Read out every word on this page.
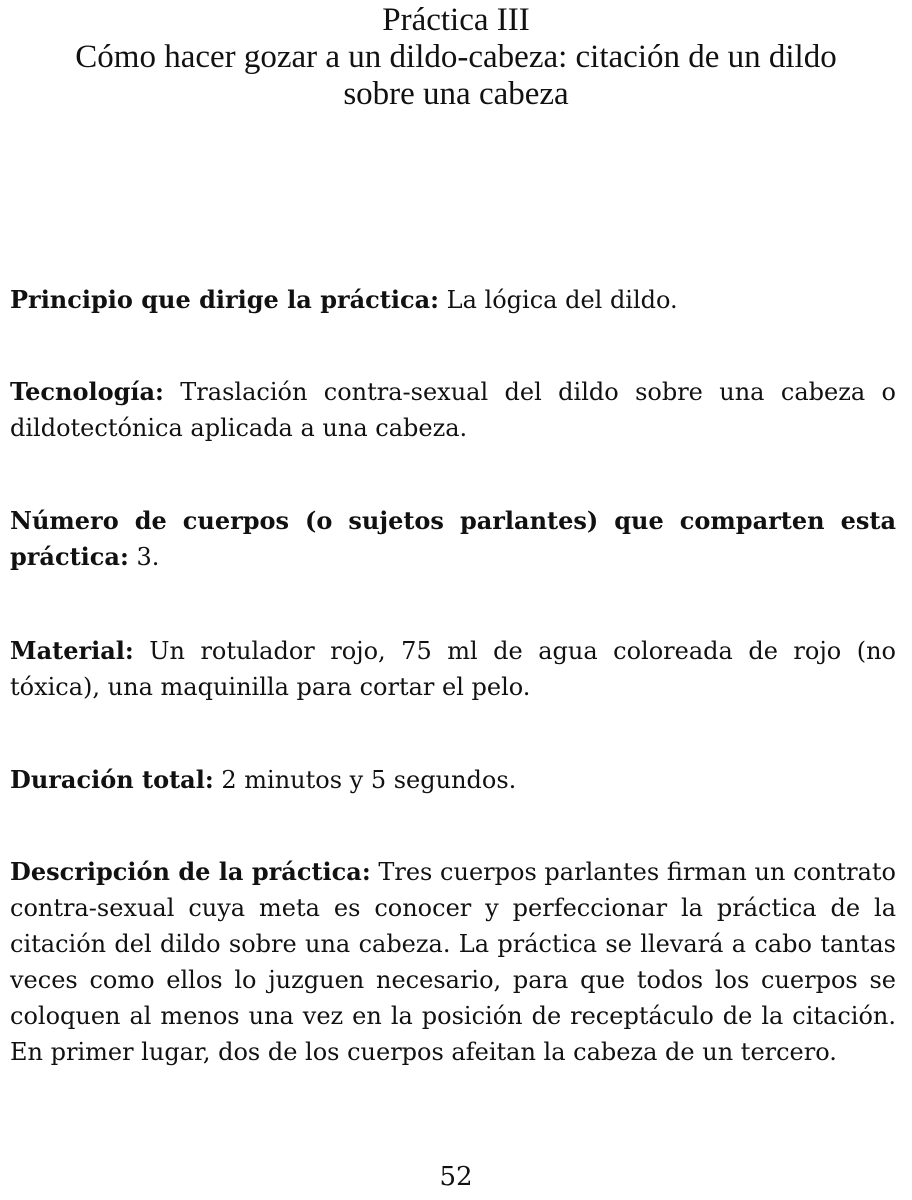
Práctica III
Cómo hacer gozar a un dildo-cabeza: citación de un dildo
sobre una cabeza

Principio que dirige la práctica: La lógica del dildo.

Tecnología: Traslación contra-sexual del dildo sobre una cabeza o dildotectónica aplicada a una cabeza.

Número de cuerpos (o sujetos parlantes) que comparten esta práctica: 3.

Material: Un rotulador rojo, 75 ml de agua coloreada de rojo (no tóxica), una maquinilla para cortar el pelo.

Duración total: 2 minutos y 5 segundos.

Descripción de la práctica: Tres cuerpos parlantes firman un contrato contra-sexual cuya meta es conocer y perfeccionar la práctica de la citación del dildo sobre una cabeza. La práctica se llevará a cabo tantas veces como ellos lo juzguen necesario, para que todos los cuerpos se coloquen al menos una vez en la posición de receptáculo de la citación. En primer lugar, dos de los cuerpos afeitan la cabeza de un tercero.

52
